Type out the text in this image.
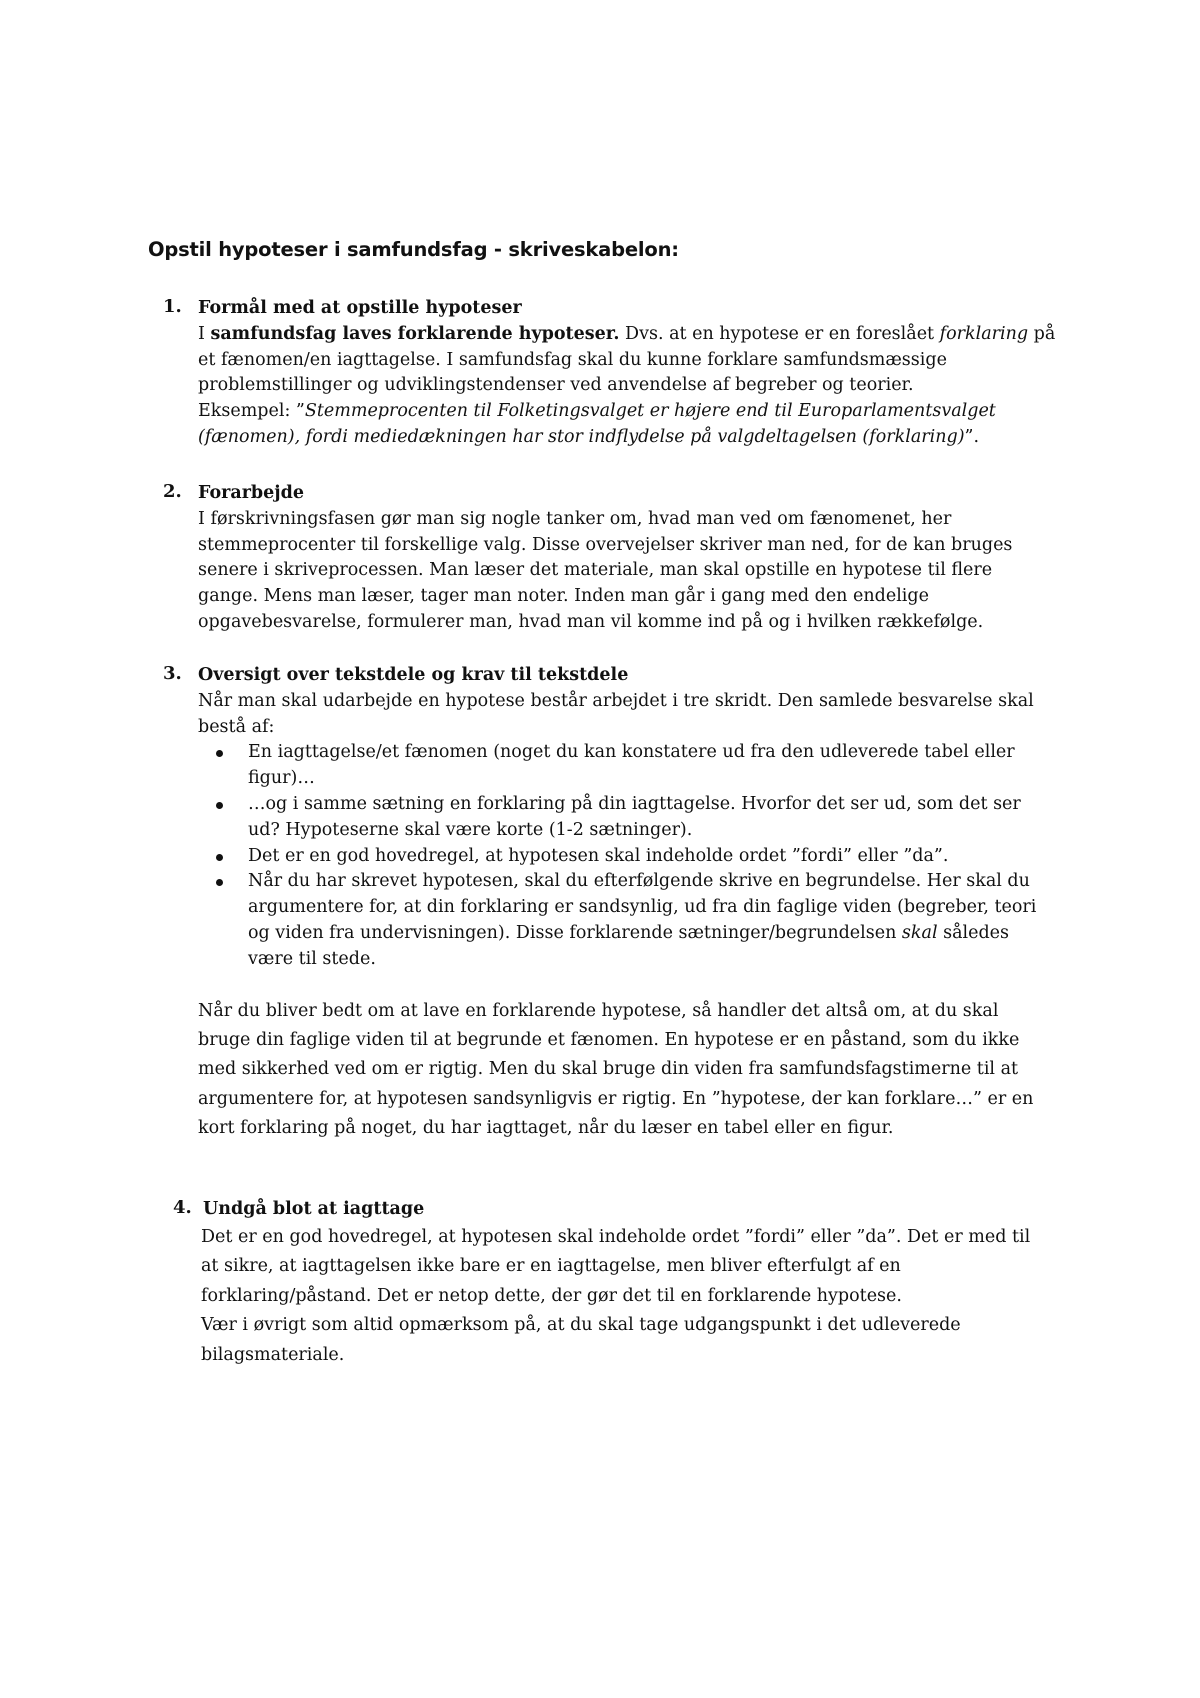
Opstil hypoteser i samfundsfag - skriveskabelon:
1. Formål med at opstille hypoteser
I samfundsfag laves forklarende hypoteser. Dvs. at en hypotese er en foreslået forklaring på
et fænomen/en iagttagelse. I samfundsfag skal du kunne forklare samfundsmæssige
problemstillinger og udviklingstendenser ved anvendelse af begreber og teorier.
Eksempel: ”Stemmeprocenten til Folketingsvalget er højere end til Europarlamentsvalget
(fænomen), fordi mediedækningen har stor indflydelse på valgdeltagelsen (forklaring)”.
2. Forarbejde
I førskrivningsfasen gør man sig nogle tanker om, hvad man ved om fænomenet, her
stemmeprocenter til forskellige valg. Disse overvejelser skriver man ned, for de kan bruges
senere i skriveprocessen. Man læser det materiale, man skal opstille en hypotese til flere
gange. Mens man læser, tager man noter. Inden man går i gang med den endelige
opgavebesvarelse, formulerer man, hvad man vil komme ind på og i hvilken rækkefølge.
3. Oversigt over tekstdele og krav til tekstdele
Når man skal udarbejde en hypotese består arbejdet i tre skridt. Den samlede besvarelse skal
bestå af:
En iagttagelse/et fænomen (noget du kan konstatere ud fra den udleverede tabel eller
figur)…
…og i samme sætning en forklaring på din iagttagelse. Hvorfor det ser ud, som det ser
ud? Hypoteserne skal være korte (1-2 sætninger).
Det er en god hovedregel, at hypotesen skal indeholde ordet ”fordi” eller ”da”.
Når du har skrevet hypotesen, skal du efterfølgende skrive en begrundelse. Her skal du
argumentere for, at din forklaring er sandsynlig, ud fra din faglige viden (begreber, teori
og viden fra undervisningen). Disse forklarende sætninger/begrundelsen skal således
være til stede.
Når du bliver bedt om at lave en forklarende hypotese, så handler det altså om, at du skal
bruge din faglige viden til at begrunde et fænomen. En hypotese er en påstand, som du ikke
med sikkerhed ved om er rigtig. Men du skal bruge din viden fra samfundsfagstimerne til at
argumentere for, at hypotesen sandsynligvis er rigtig. En ”hypotese, der kan forklare…” er en
kort forklaring på noget, du har iagttaget, når du læser en tabel eller en figur.
4. Undgå blot at iagttage
Det er en god hovedregel, at hypotesen skal indeholde ordet ”fordi” eller ”da”. Det er med til
at sikre, at iagttagelsen ikke bare er en iagttagelse, men bliver efterfulgt af en
forklaring/påstand. Det er netop dette, der gør det til en forklarende hypotese.
Vær i øvrigt som altid opmærksom på, at du skal tage udgangspunkt i det udleverede
bilagsmateriale.
